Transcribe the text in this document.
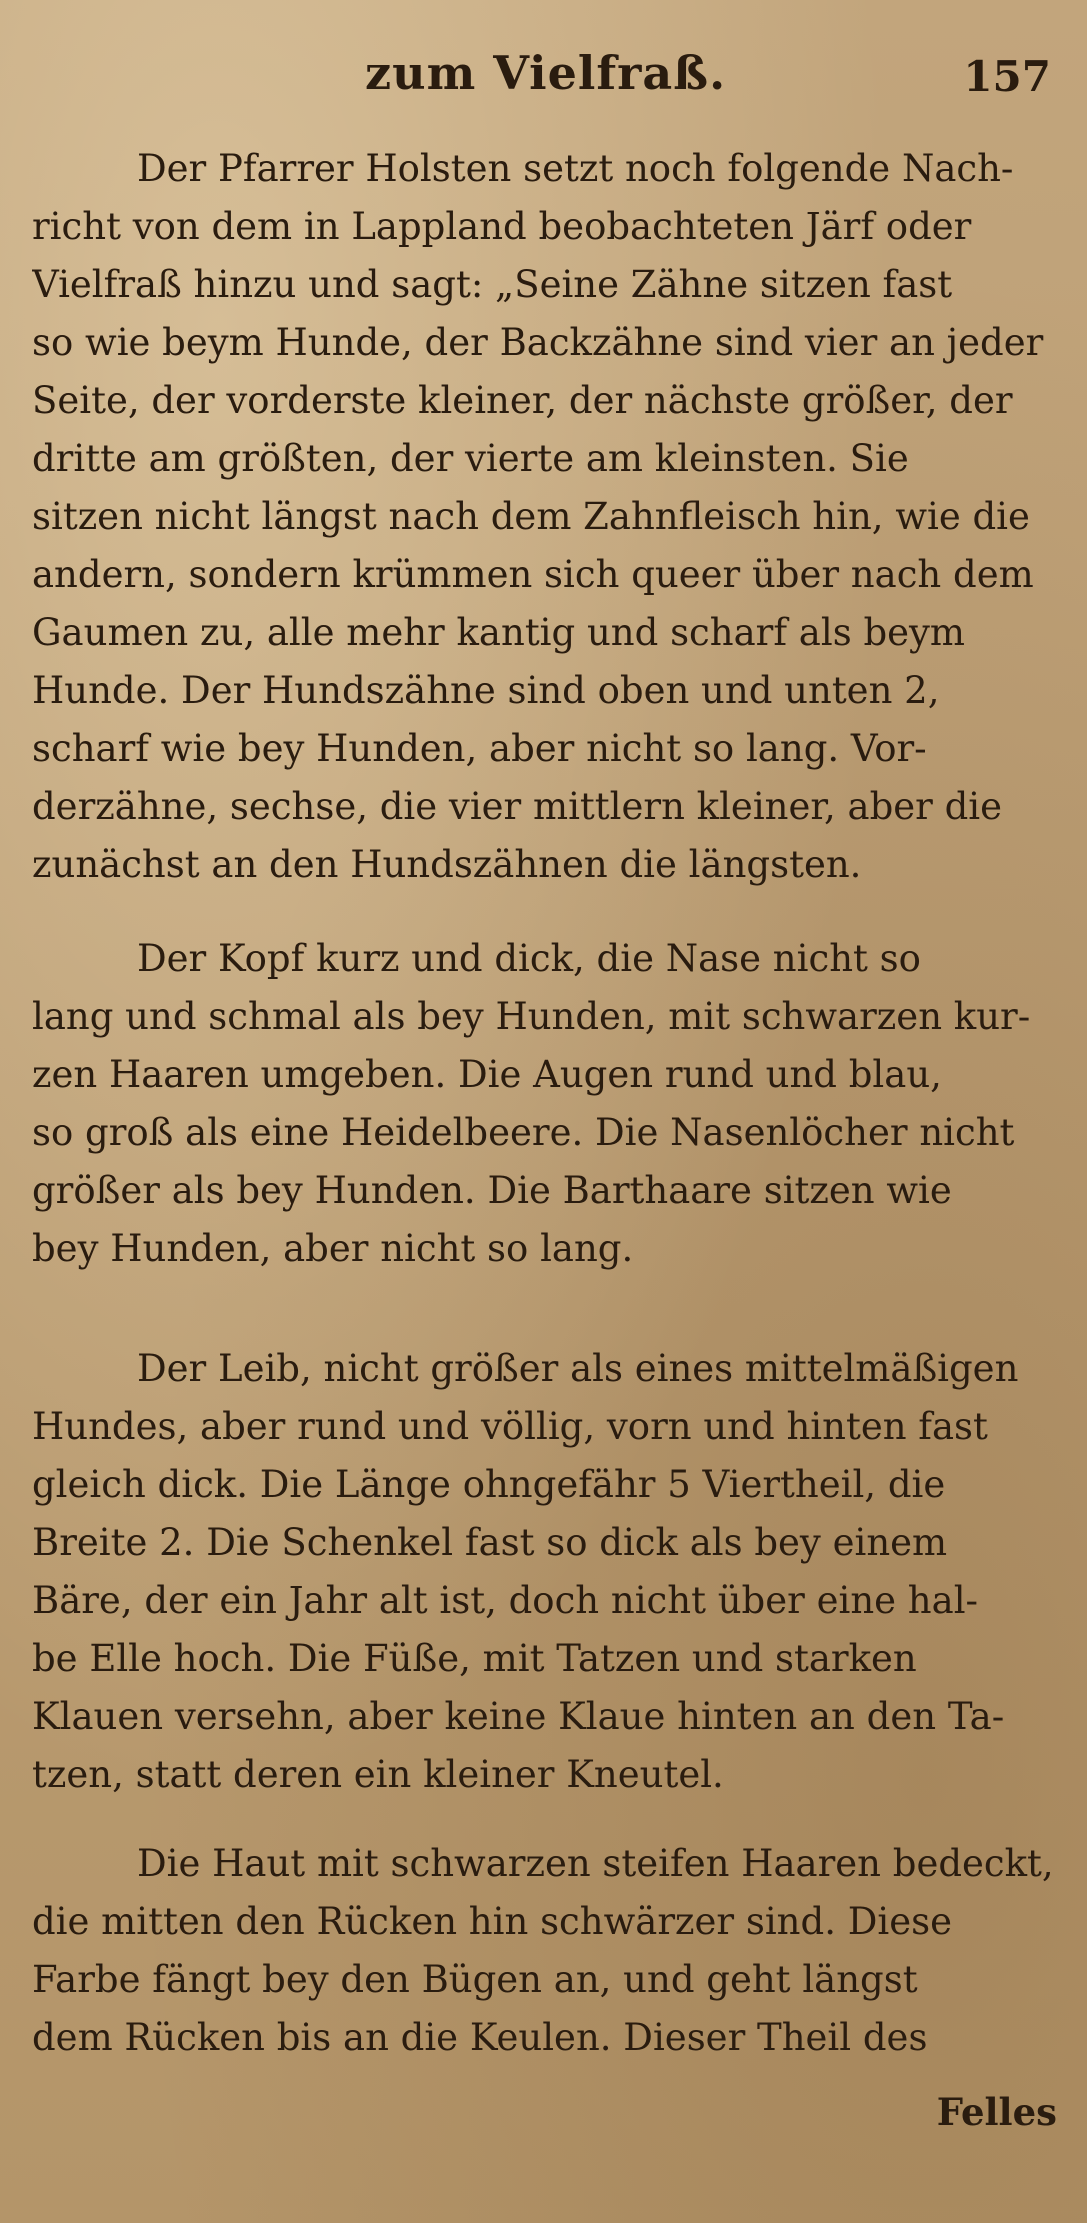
zum Vielfraß.	157
Der Pfarrer Holsten setzt noch folgende Nach-
richt von dem in Lappland beobachteten Järf oder
Vielfraß hinzu und sagt: „Seine Zähne sitzen fast
so wie beym Hunde, der Backzähne sind vier an jeder
Seite, der vorderste kleiner, der nächste größer, der
dritte am größten, der vierte am kleinsten. Sie
sitzen nicht längst nach dem Zahnfleisch hin, wie die
andern, sondern krümmen sich queer über nach dem
Gaumen zu, alle mehr kantig und scharf als beym
Hunde. Der Hundszähne sind oben und unten 2,
scharf wie bey Hunden, aber nicht so lang. Vor-
derzähne, sechse, die vier mittlern kleiner, aber die
zunächst an den Hundszähnen die längsten.
Der Kopf kurz und dick, die Nase nicht so
lang und schmal als bey Hunden, mit schwarzen kur-
zen Haaren umgeben. Die Augen rund und blau,
so groß als eine Heidelbeere. Die Nasenlöcher nicht
größer als bey Hunden. Die Barthaare sitzen wie
bey Hunden, aber nicht so lang.
Der Leib, nicht größer als eines mittelmäßigen
Hundes, aber rund und völlig, vorn und hinten fast
gleich dick. Die Länge ohngefähr 5 Viertheil, die
Breite 2. Die Schenkel fast so dick als bey einem
Bäre, der ein Jahr alt ist, doch nicht über eine hal-
be Elle hoch. Die Füße, mit Tatzen und starken
Klauen versehn, aber keine Klaue hinten an den Ta-
tzen, statt deren ein kleiner Kneutel.
Die Haut mit schwarzen steifen Haaren bedeckt,
die mitten den Rücken hin schwärzer sind. Diese
Farbe fängt bey den Bügen an, und geht längst
dem Rücken bis an die Keulen. Dieser Theil des
Felles
